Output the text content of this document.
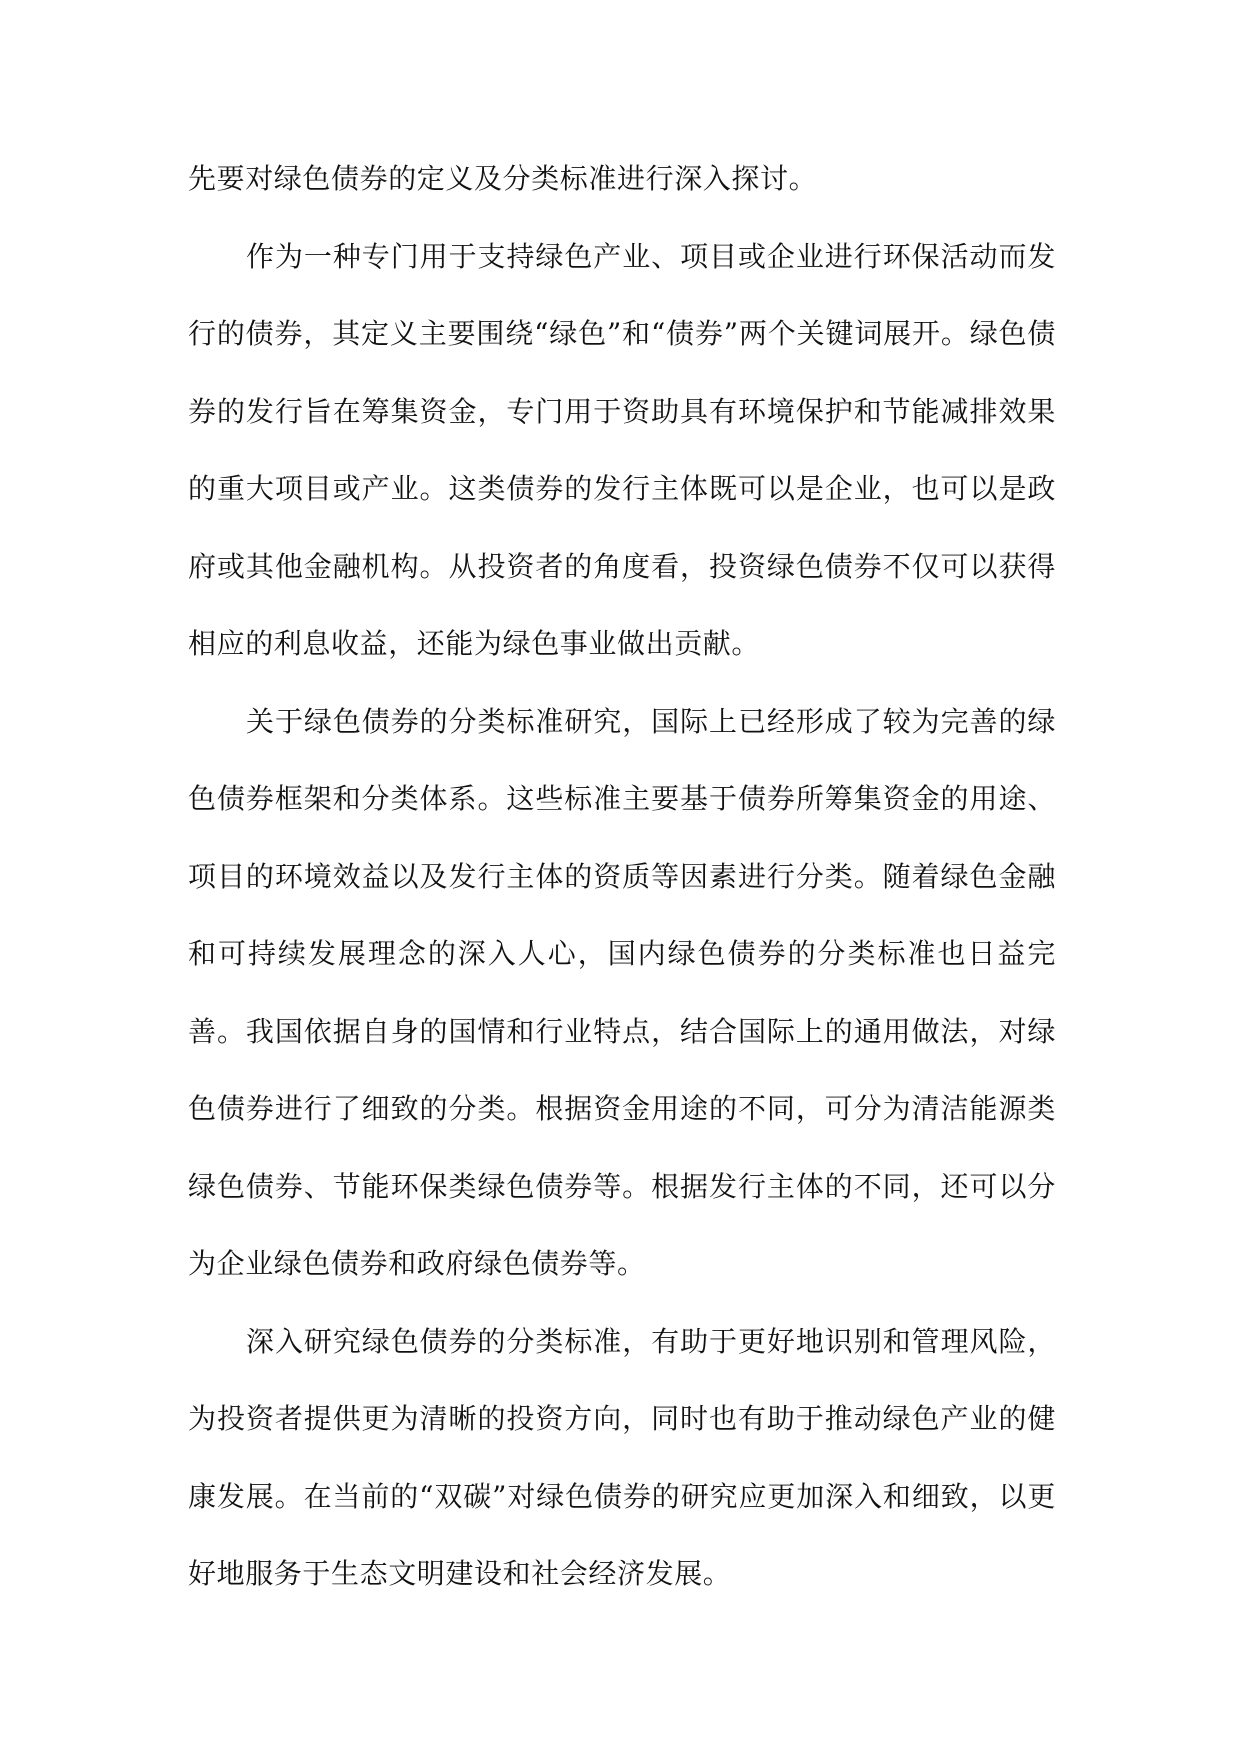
先要对绿色债券的定义及分类标准进行深入探讨。

作为一种专门用于支持绿色产业、项目或企业进行环保活动而发行的债券，其定义主要围绕“绿色”和“债券”两个关键词展开。绿色债券的发行旨在筹集资金，专门用于资助具有环境保护和节能减排效果的重大项目或产业。这类债券的发行主体既可以是企业，也可以是政府或其他金融机构。从投资者的角度看，投资绿色债券不仅可以获得相应的利息收益，还能为绿色事业做出贡献。

关于绿色债券的分类标准研究，国际上已经形成了较为完善的绿色债券框架和分类体系。这些标准主要基于债券所筹集资金的用途、项目的环境效益以及发行主体的资质等因素进行分类。随着绿色金融和可持续发展理念的深入人心，国内绿色债券的分类标准也日益完善。我国依据自身的国情和行业特点，结合国际上的通用做法，对绿色债券进行了细致的分类。根据资金用途的不同，可分为清洁能源类绿色债券、节能环保类绿色债券等。根据发行主体的不同，还可以分为企业绿色债券和政府绿色债券等。

深入研究绿色债券的分类标准，有助于更好地识别和管理风险，为投资者提供更为清晰的投资方向，同时也有助于推动绿色产业的健康发展。在当前的“双碳”对绿色债券的研究应更加深入和细致，以更好地服务于生态文明建设和社会经济发展。
